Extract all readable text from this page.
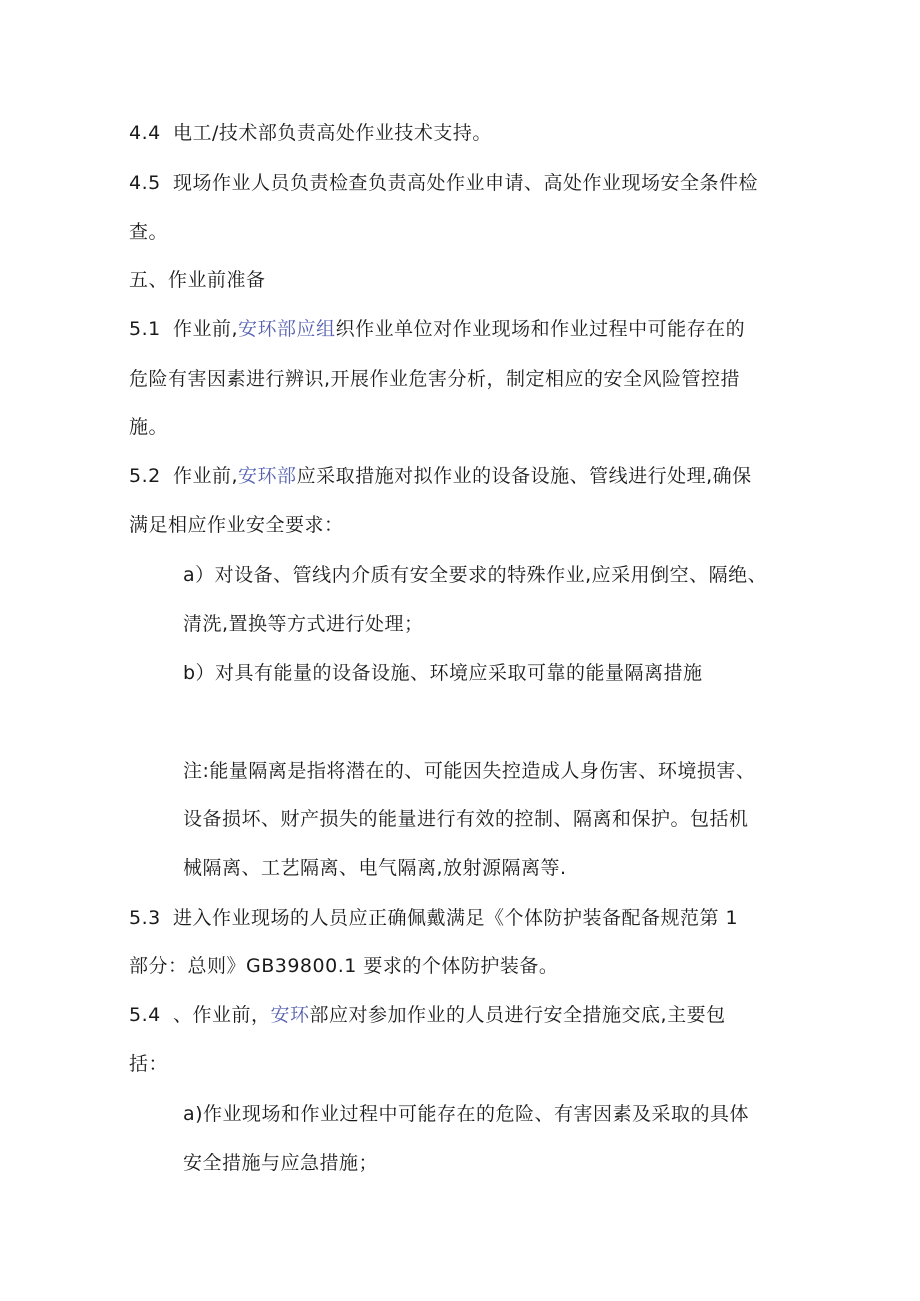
4.4 电工/技术部负责高处作业技术支持。
4.5 现场作业人员负责检查负责高处作业申请、高处作业现场安全条件检
查。
五、作业前准备
5.1 作业前,安环部应组织作业单位对作业现场和作业过程中可能存在的
危险有害因素进行辨识,开展作业危害分析，制定相应的安全风险管控措
施。
5.2 作业前,安环部应采取措施对拟作业的设备设施、管线进行处理,确保
满足相应作业安全要求：
a）对设备、管线内介质有安全要求的特殊作业,应采用倒空、隔绝、
清洗,置换等方式进行处理；
b）对具有能量的设备设施、环境应采取可靠的能量隔离措施
注:能量隔离是指将潜在的、可能因失控造成人身伤害、环境损害、
设备损坏、财产损失的能量进行有效的控制、隔离和保护。包括机
械隔离、工艺隔离、电气隔离,放射源隔离等.
5.3 进入作业现场的人员应正确佩戴满足《个体防护装备配备规范第 1
部分：总则》GB39800.1 要求的个体防护装备。
5.4 、作业前，安环部应对参加作业的人员进行安全措施交底,主要包
括：
a)作业现场和作业过程中可能存在的危险、有害因素及采取的具体
安全措施与应急措施；
